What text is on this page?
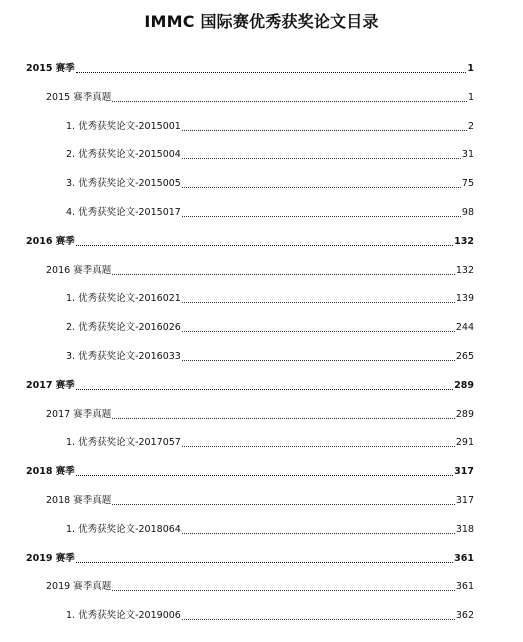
IMMC 国际赛优秀获奖论文目录
2015 赛季	1
2015 赛季真题	1
1. 优秀获奖论文-2015001	2
2. 优秀获奖论文-2015004	31
3. 优秀获奖论文-2015005	75
4. 优秀获奖论文-2015017	98
2016 赛季	132
2016 赛季真题	132
1. 优秀获奖论文-2016021	139
2. 优秀获奖论文-2016026	244
3. 优秀获奖论文-2016033	265
2017 赛季	289
2017 赛季真题	289
1. 优秀获奖论文-2017057	291
2018 赛季	317
2018 赛季真题	317
1. 优秀获奖论文-2018064	318
2019 赛季	361
2019 赛季真题	361
1. 优秀获奖论文-2019006	362
